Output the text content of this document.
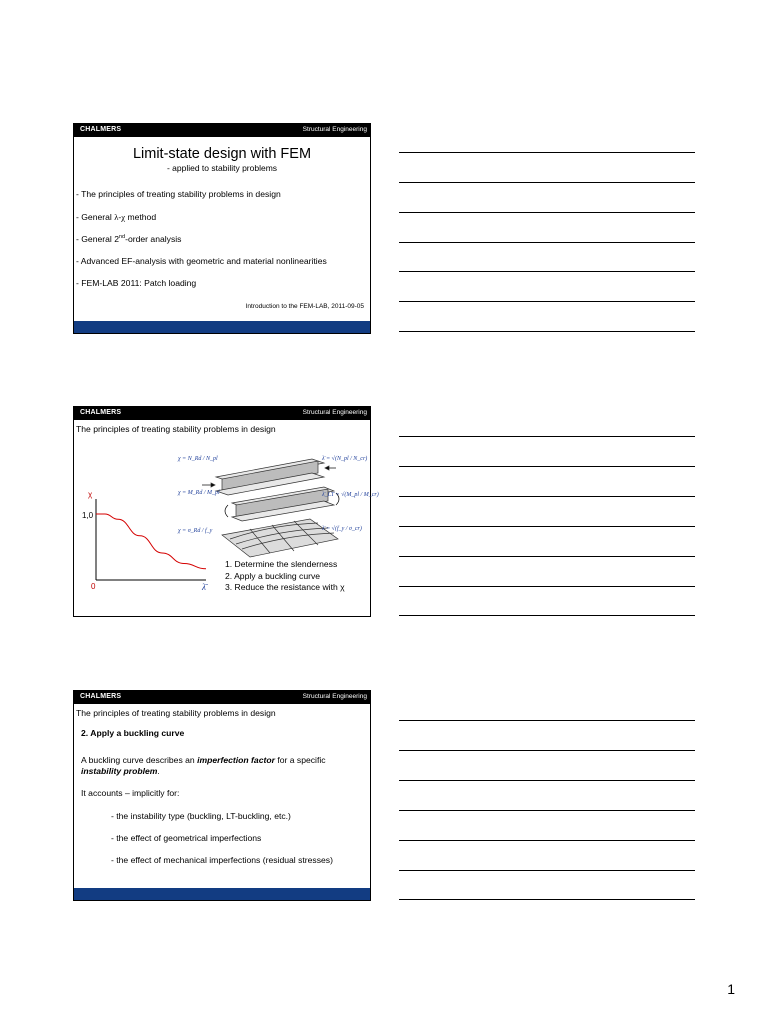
CHALMERS	Structural Engineering
Limit-state design with FEM
- applied to stability problems
- The principles of treating stability problems in design
- General λ-χ method
- General 2nd-order analysis
- Advanced EF-analysis with geometric and material nonlinearities
- FEM-LAB 2011: Patch loading
Introduction to the FEM-LAB, 2011-09-05
CHALMERS	Structural Engineering
The principles of treating stability problems in design
χ
1,0
0	λ̄
χ = N_Rd / N_pl
χ = M_Rd / M_pl
χ = σ_Rd / f_y
λ̄ = √(N_pl / N_cr)
λ̄_LT = √(M_pl / M_cr)
λ̄ = √(f_y / σ_cr)
1. Determine the slenderness
2. Apply a buckling curve
3. Reduce the resistance with χ
CHALMERS	Structural Engineering
The principles of treating stability problems in design
2. Apply a buckling curve
A buckling curve describes an imperfection factor for a specific
instability problem.
It accounts – implicitly for:
- the instability type (buckling, LT-buckling, etc.)
- the effect of geometrical imperfections
- the effect of mechanical imperfections (residual stresses)
1
